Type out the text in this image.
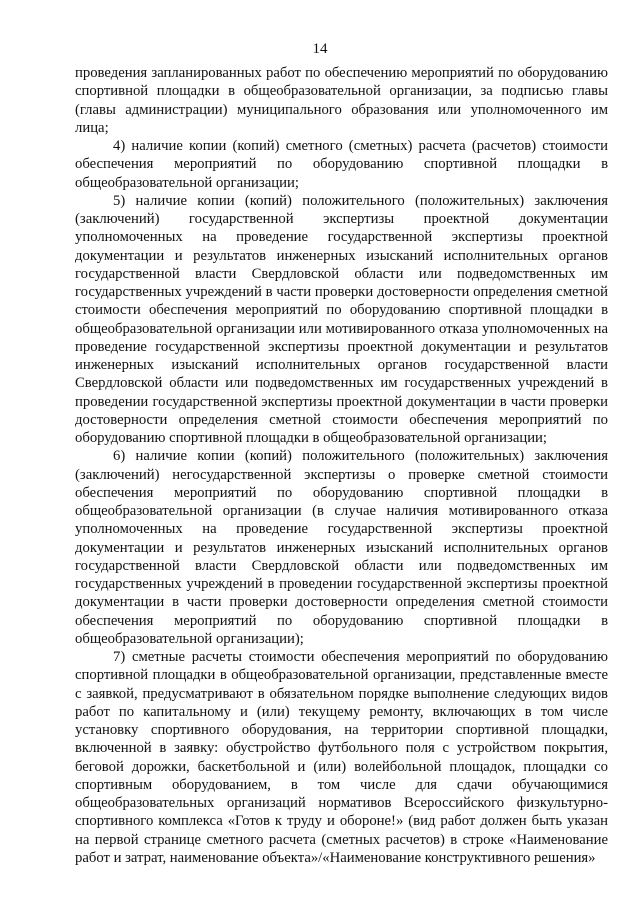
14

проведения запланированных работ по обеспечению мероприятий по оборудованию спортивной площадки в общеобразовательной организации, за подписью главы (главы администрации) муниципального образования или уполномоченного им лица;

4) наличие копии (копий) сметного (сметных) расчета (расчетов) стоимости обеспечения мероприятий по оборудованию спортивной площадки в общеобразовательной организации;

5) наличие копии (копий) положительного (положительных) заключения (заключений) государственной экспертизы проектной документации уполномоченных на проведение государственной экспертизы проектной документации и результатов инженерных изысканий исполнительных органов государственной власти Свердловской области или подведомственных им государственных учреждений в части проверки достоверности определения сметной стоимости обеспечения мероприятий по оборудованию спортивной площадки в общеобразовательной организации или мотивированного отказа уполномоченных на проведение государственной экспертизы проектной документации и результатов инженерных изысканий исполнительных органов государственной власти Свердловской области или подведомственных им государственных учреждений в проведении государственной экспертизы проектной документации в части проверки достоверности определения сметной стоимости обеспечения мероприятий по оборудованию спортивной площадки в общеобразовательной организации;

6) наличие копии (копий) положительного (положительных) заключения (заключений) негосударственной экспертизы о проверке сметной стоимости обеспечения мероприятий по оборудованию спортивной площадки в общеобразовательной организации (в случае наличия мотивированного отказа уполномоченных на проведение государственной экспертизы проектной документации и результатов инженерных изысканий исполнительных органов государственной власти Свердловской области или подведомственных им государственных учреждений в проведении государственной экспертизы проектной документации в части проверки достоверности определения сметной стоимости обеспечения мероприятий по оборудованию спортивной площадки в общеобразовательной организации);

7) сметные расчеты стоимости обеспечения мероприятий по оборудованию спортивной площадки в общеобразовательной организации, представленные вместе с заявкой, предусматривают в обязательном порядке выполнение следующих видов работ по капитальному и (или) текущему ремонту, включающих в том числе установку спортивного оборудования, на территории спортивной площадки, включенной в заявку: обустройство футбольного поля с устройством покрытия, беговой дорожки, баскетбольной и (или) волейбольной площадок, площадки со спортивным оборудованием, в том числе для сдачи обучающимися общеобразовательных организаций нормативов Всероссийского физкультурно-спортивного комплекса «Готов к труду и обороне!» (вид работ должен быть указан на первой странице сметного расчета (сметных расчетов) в строке «Наименование работ и затрат, наименование объекта»/«Наименование конструктивного решения»
